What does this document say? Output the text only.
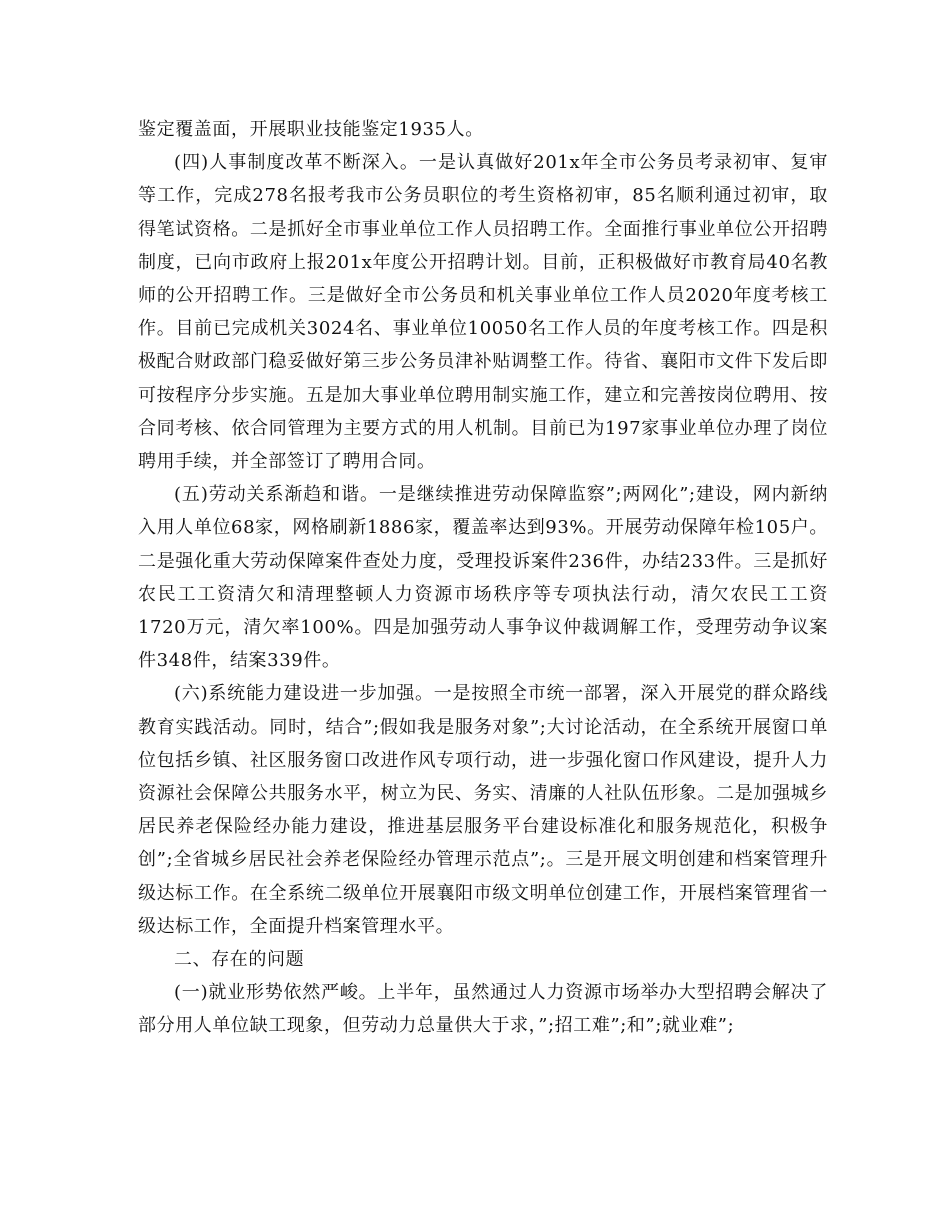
鉴定覆盖面，开展职业技能鉴定1935人。

(四)人事制度改革不断深入。一是认真做好201x年全市公务员考录初审、复审等工作，完成278名报考我市公务员职位的考生资格初审，85名顺利通过初审，取得笔试资格。二是抓好全市事业单位工作人员招聘工作。全面推行事业单位公开招聘制度，已向市政府上报201x年度公开招聘计划。目前，正积极做好市教育局40名教师的公开招聘工作。三是做好全市公务员和机关事业单位工作人员2020年度考核工作。目前已完成机关3024名、事业单位10050名工作人员的年度考核工作。四是积极配合财政部门稳妥做好第三步公务员津补贴调整工作。待省、襄阳市文件下发后即可按程序分步实施。五是加大事业单位聘用制实施工作，建立和完善按岗位聘用、按合同考核、依合同管理为主要方式的用人机制。目前已为197家事业单位办理了岗位聘用手续，并全部签订了聘用合同。

(五)劳动关系渐趋和谐。一是继续推进劳动保障监察”;两网化”;建设，网内新纳入用人单位68家，网格刷新1886家，覆盖率达到93%。开展劳动保障年检105户。二是强化重大劳动保障案件查处力度，受理投诉案件236件，办结233件。三是抓好农民工工资清欠和清理整顿人力资源市场秩序等专项执法行动，清欠农民工工资1720万元，清欠率100%。四是加强劳动人事争议仲裁调解工作，受理劳动争议案件348件，结案339件。

(六)系统能力建设进一步加强。一是按照全市统一部署，深入开展党的群众路线教育实践活动。同时，结合”;假如我是服务对象”;大讨论活动，在全系统开展窗口单位包括乡镇、社区服务窗口改进作风专项行动，进一步强化窗口作风建设，提升人力资源社会保障公共服务水平，树立为民、务实、清廉的人社队伍形象。二是加强城乡居民养老保险经办能力建设，推进基层服务平台建设标准化和服务规范化，积极争创”;全省城乡居民社会养老保险经办管理示范点”;。三是开展文明创建和档案管理升级达标工作。在全系统二级单位开展襄阳市级文明单位创建工作，开展档案管理省一级达标工作，全面提升档案管理水平。

二、存在的问题

(一)就业形势依然严峻。上半年，虽然通过人力资源市场举办大型招聘会解决了部分用人单位缺工现象，但劳动力总量供大于求，”;招工难”;和”;就业难”;
